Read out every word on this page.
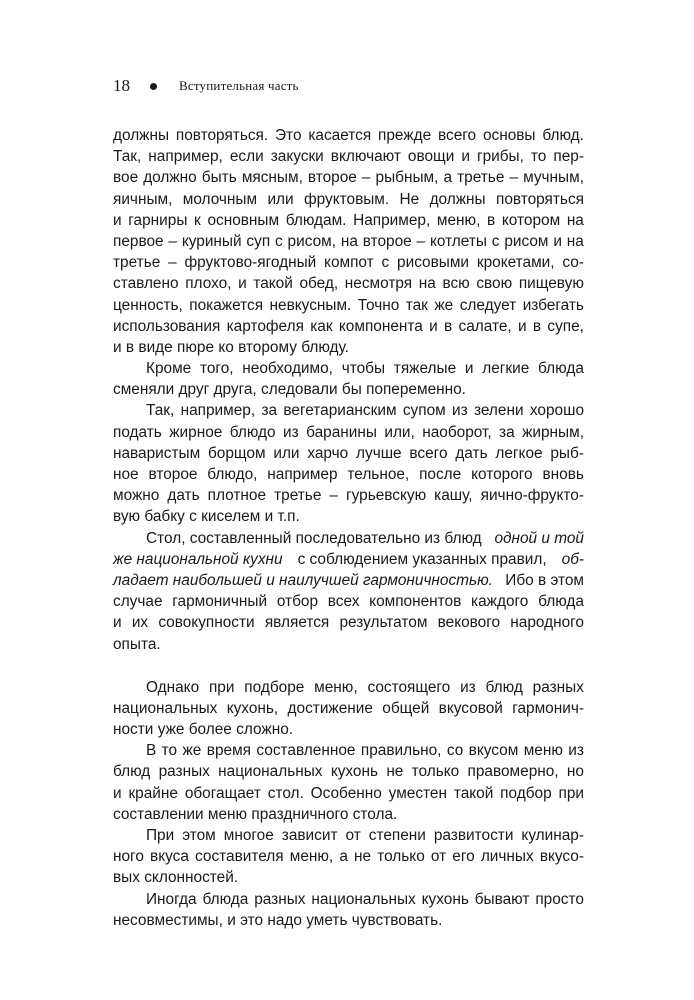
18	Вступительная часть
должны повторяться. Это касается прежде всего основы блюд.
Так, например, если закуски включают овощи и грибы, то пер-
вое должно быть мясным, второе – рыбным, а третье – мучным,
яичным, молочным или фруктовым. Не должны повторяться
и гарниры к основным блюдам. Например, меню, в котором на
первое – куриный суп с рисом, на второе – котлеты с рисом и на
третье – фруктово-ягодный компот с рисовыми крокетами, со-
ставлено плохо, и такой обед, несмотря на всю свою пищевую
ценность, покажется невкусным. Точно так же следует избегать
использования картофеля как компонента и в салате, и в супе,
и в виде пюре ко второму блюду.
Кроме того, необходимо, чтобы тяжелые и легкие блюда
сменяли друг друга, следовали бы попеременно.
Так, например, за вегетарианским супом из зелени хорошо
подать жирное блюдо из баранины или, наоборот, за жирным,
наваристым борщом или харчо лучше всего дать легкое рыб-
ное второе блюдо, например тельное, после которого вновь
можно дать плотное третье – гурьевскую кашу, яично-фрукто-
вую бабку с киселем и т.п.
Стол, составленный последовательно из блюд одной и той
же национальной кухни с соблюдением указанных правил, об-
ладает наибольшей и наилучшей гармоничностью. Ибо в этом
случае гармоничный отбор всех компонентов каждого блюда
и их совокупности является результатом векового народного
опыта.
Однако при подборе меню, состоящего из блюд разных
национальных кухонь, достижение общей вкусовой гармонич-
ности уже более сложно.
В то же время составленное правильно, со вкусом меню из
блюд разных национальных кухонь не только правомерно, но
и крайне обогащает стол. Особенно уместен такой подбор при
составлении меню праздничного стола.
При этом многое зависит от степени развитости кулинар-
ного вкуса составителя меню, а не только от его личных вкусо-
вых склонностей.
Иногда блюда разных национальных кухонь бывают просто
несовместимы, и это надо уметь чувствовать.
